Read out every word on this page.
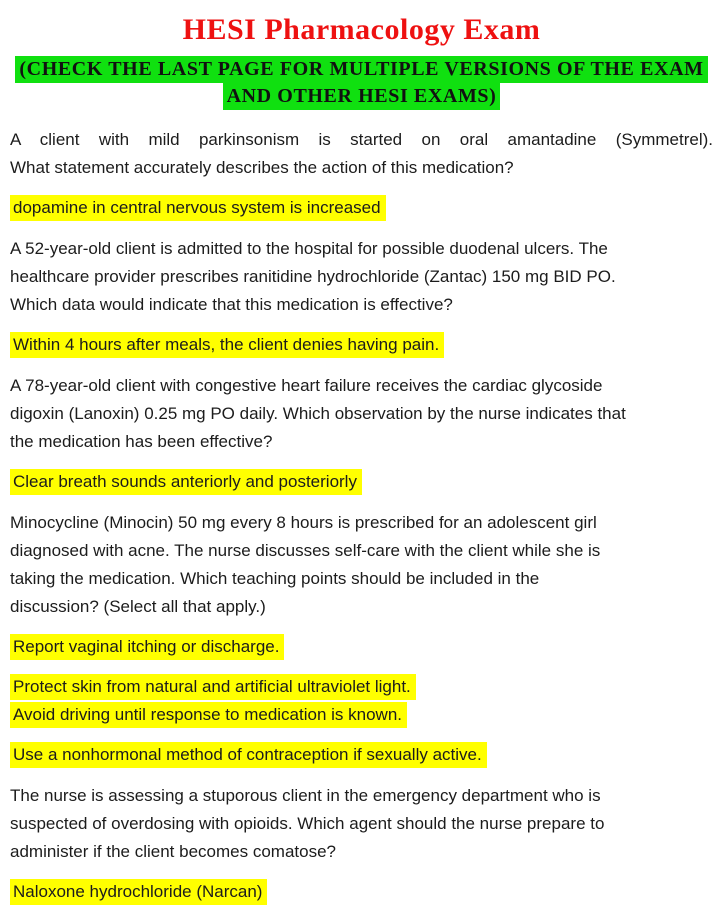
HESI Pharmacology Exam
(CHECK THE LAST PAGE FOR MULTIPLE VERSIONS OF THE EXAM
AND OTHER HESI EXAMS)
A client with mild parkinsonism is started on oral amantadine (Symmetrel).
What statement accurately describes the action of this medication?
dopamine in central nervous system is increased
A 52-year-old client is admitted to the hospital for possible duodenal ulcers. The
healthcare provider prescribes ranitidine hydrochloride (Zantac) 150 mg BID PO.
Which data would indicate that this medication is effective?
Within 4 hours after meals, the client denies having pain.
A 78-year-old client with congestive heart failure receives the cardiac glycoside
digoxin (Lanoxin) 0.25 mg PO daily. Which observation by the nurse indicates that
the medication has been effective?
Clear breath sounds anteriorly and posteriorly
Minocycline (Minocin) 50 mg every 8 hours is prescribed for an adolescent girl
diagnosed with acne. The nurse discusses self-care with the client while she is
taking the medication. Which teaching points should be included in the
discussion? (Select all that apply.)
Report vaginal itching or discharge.
Protect skin from natural and artificial ultraviolet light.
Avoid driving until response to medication is known.
Use a nonhormonal method of contraception if sexually active.
The nurse is assessing a stuporous client in the emergency department who is
suspected of overdosing with opioids. Which agent should the nurse prepare to
administer if the client becomes comatose?
Naloxone hydrochloride (Narcan)
